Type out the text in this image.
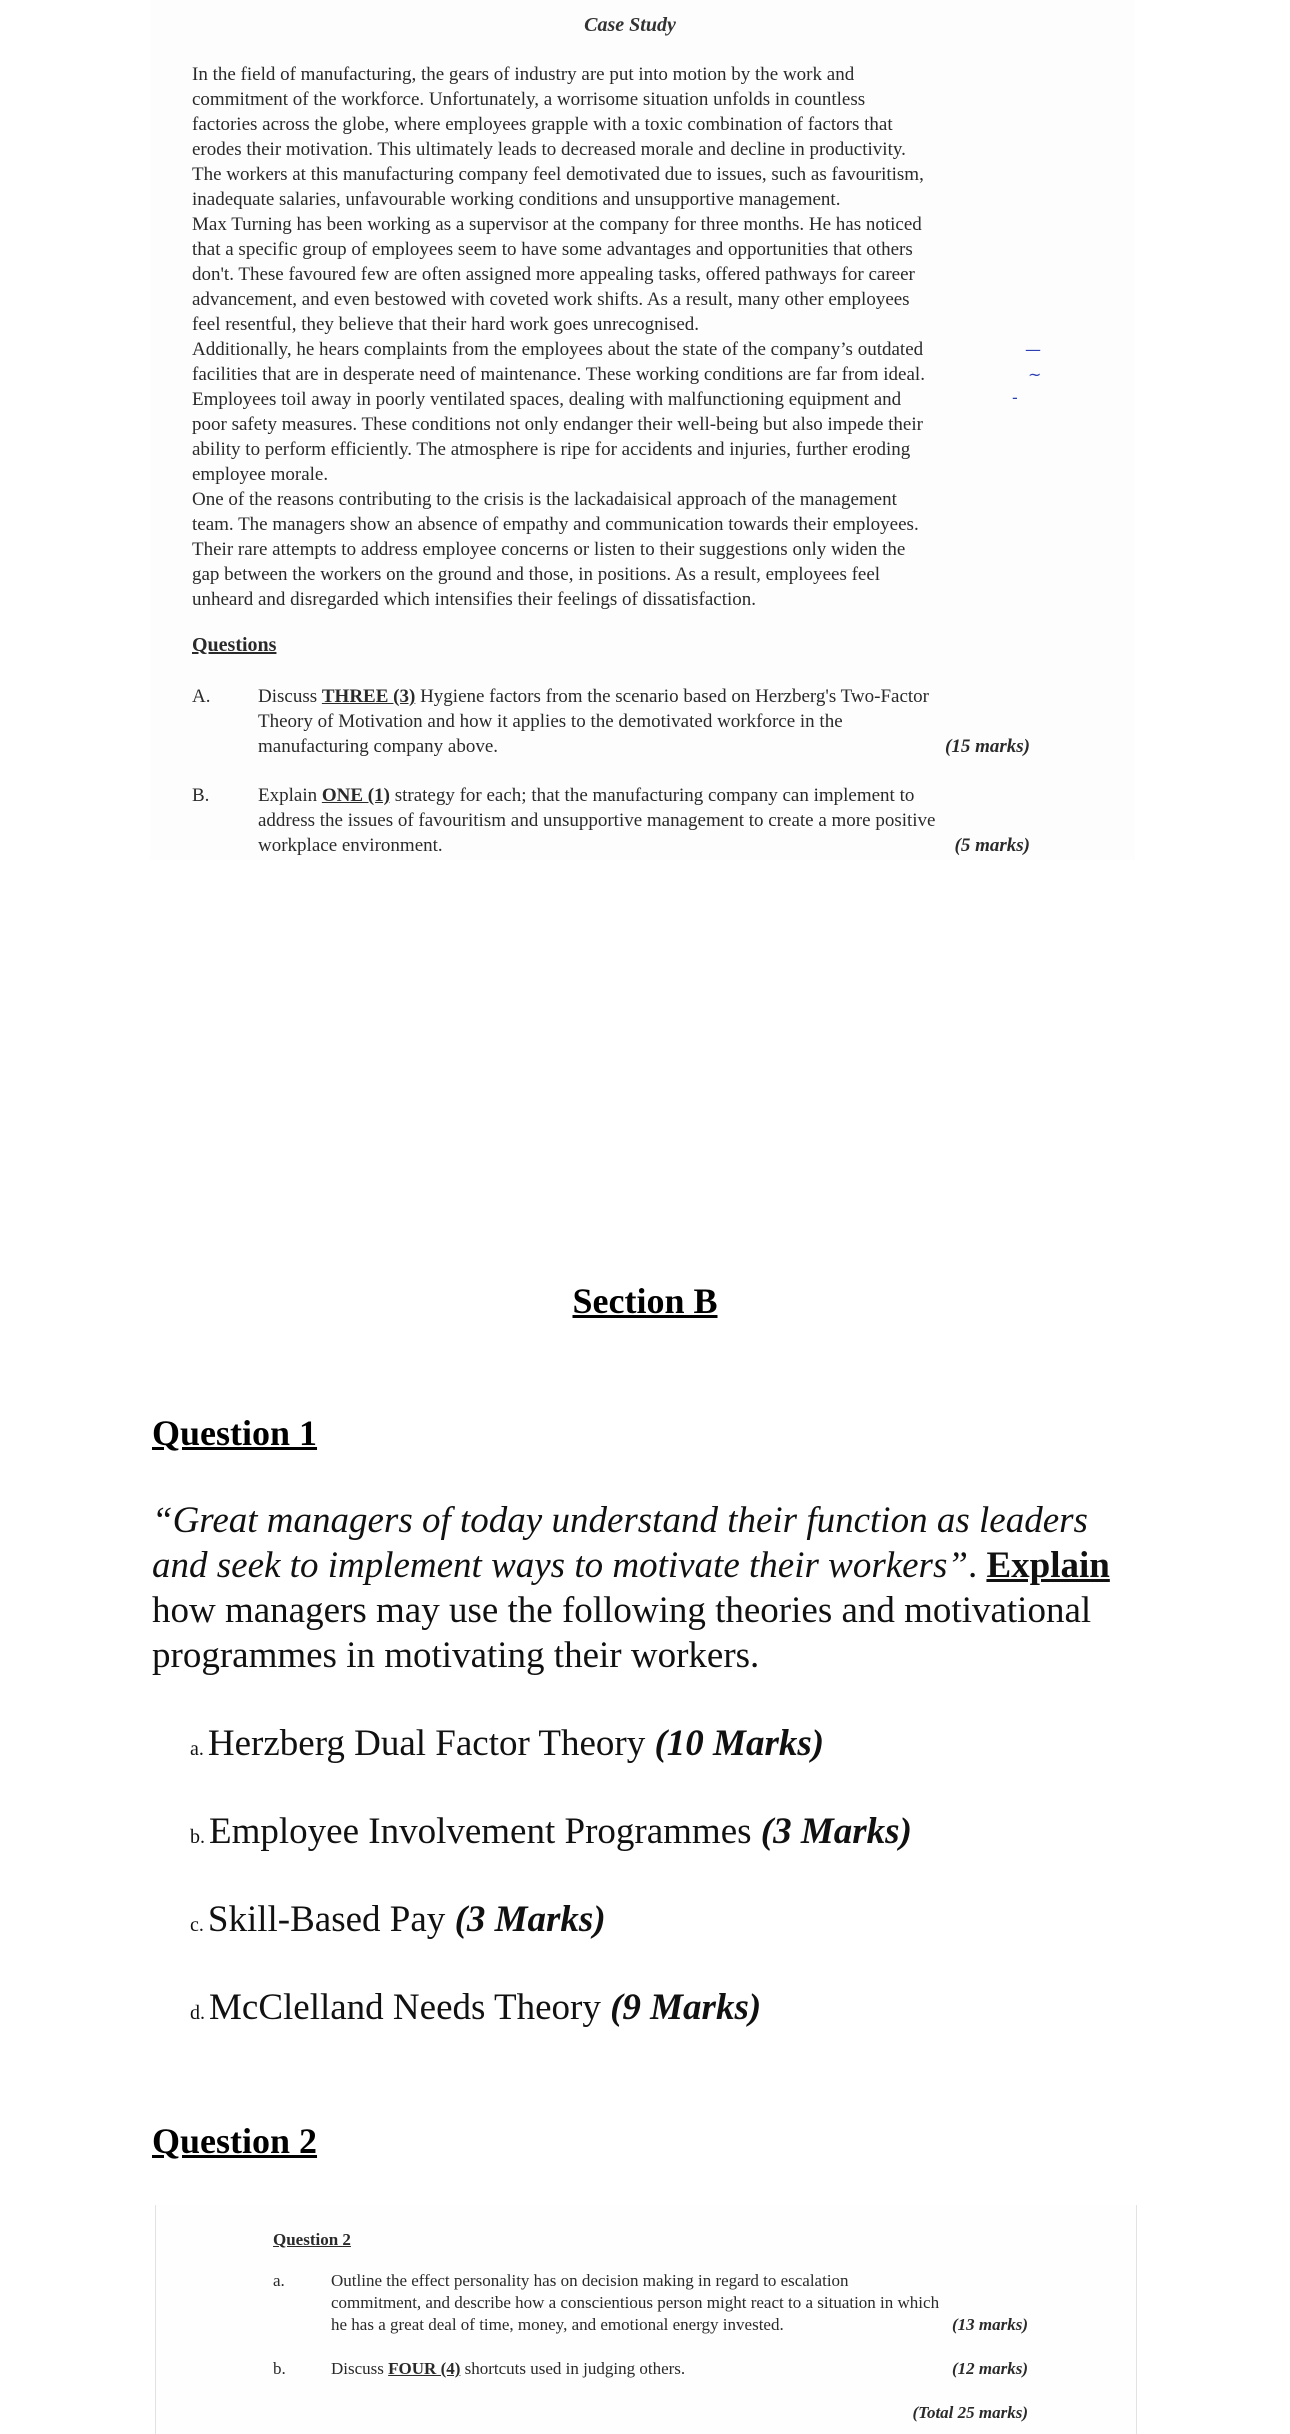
Case Study
In the field of manufacturing, the gears of industry are put into motion by the work and
commitment of the workforce. Unfortunately, a worrisome situation unfolds in countless
factories across the globe, where employees grapple with a toxic combination of factors that
erodes their motivation. This ultimately leads to decreased morale and decline in productivity.
The workers at this manufacturing company feel demotivated due to issues, such as favouritism,
inadequate salaries, unfavourable working conditions and unsupportive management.
Max Turning has been working as a supervisor at the company for three months. He has noticed
that a specific group of employees seem to have some advantages and opportunities that others
don't. These favoured few are often assigned more appealing tasks, offered pathways for career
advancement, and even bestowed with coveted work shifts. As a result, many other employees
feel resentful, they believe that their hard work goes unrecognised.
Additionally, he hears complaints from the employees about the state of the company’s outdated
facilities that are in desperate need of maintenance. These working conditions are far from ideal.
Employees toil away in poorly ventilated spaces, dealing with malfunctioning equipment and
poor safety measures. These conditions not only endanger their well-being but also impede their
ability to perform efficiently. The atmosphere is ripe for accidents and injuries, further eroding
employee morale.
One of the reasons contributing to the crisis is the lackadaisical approach of the management
team. The managers show an absence of empathy and communication towards their employees.
Their rare attempts to address employee concerns or listen to their suggestions only widen the
gap between the workers on the ground and those, in positions. As a result, employees feel
unheard and disregarded which intensifies their feelings of dissatisfaction.
—
~
-
Questions
A.	Discuss THREE (3) Hygiene factors from the scenario based on Herzberg's Two-Factor
Theory of Motivation and how it applies to the demotivated workforce in the
manufacturing company above.	(15 marks)
B.	Explain ONE (1) strategy for each; that the manufacturing company can implement to
address the issues of favouritism and unsupportive management to create a more positive
workplace environment.	(5 marks)
Section B
Question 1
“Great managers of today understand their function as leaders
and seek to implement ways to motivate their workers”. Explain
how managers may use the following theories and motivational
programmes in motivating their workers.
a. Herzberg Dual Factor Theory (10 Marks)
b. Employee Involvement Programmes (3 Marks)
c. Skill-Based Pay (3 Marks)
d. McClelland Needs Theory (9 Marks)
Question 2
Question 2
a.	Outline the effect personality has on decision making in regard to escalation
commitment, and describe how a conscientious person might react to a situation in which
he has a great deal of time, money, and emotional energy invested.	(13 marks)
b.	Discuss FOUR (4) shortcuts used in judging others.	(12 marks)
(Total 25 marks)
